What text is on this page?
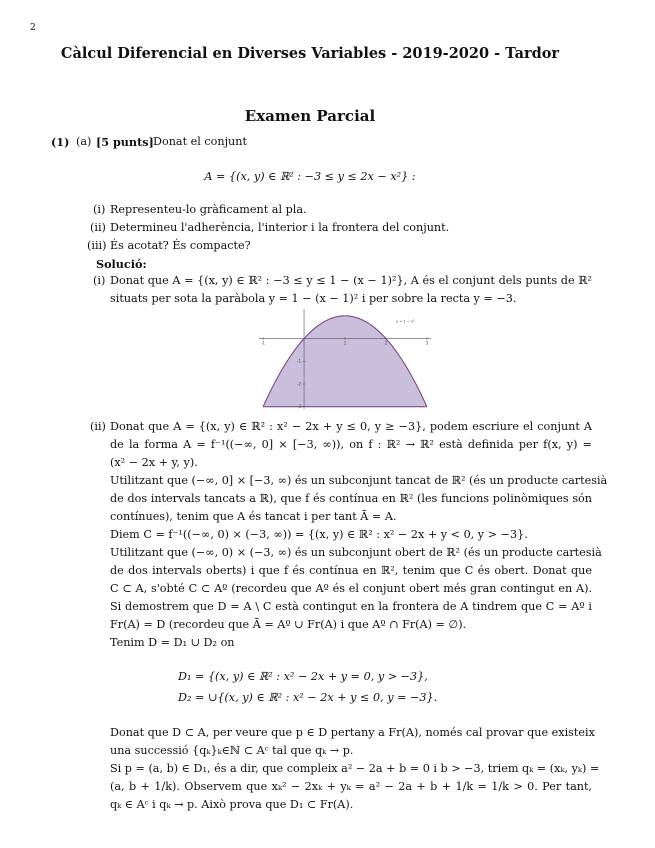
2
Càlcul Diferencial en Diverses Variables - 2019-2020 - Tardor
Examen Parcial
(1) (a) [5 punts] Donat el conjunt
A = {(x, y) ∈ ℝ² : −3 ≤ y ≤ 2x − x²} :
(i) Representeu-lo gràficament al pla.
(ii) Determineu l'adherència, l'interior i la frontera del conjunt.
(iii) És acotat? És compacte?
Solució:
(i) Donat que A = {(x, y) ∈ ℝ² : −3 ≤ y ≤ 1 − (x − 1)²}, A és el conjunt dels punts de ℝ²
situats per sota la paràbola y = 1 − (x − 1)² i per sobre la recta y = −3.
-1	1	2	3
-1
-2
-3
y = 1 − x²
(ii) Donat que A = {(x, y) ∈ ℝ² : x² − 2x + y ≤ 0, y ≥ −3}, podem escriure el conjunt A
de la forma A = f⁻¹((−∞, 0] × [−3, ∞)), on f : ℝ² → ℝ² està definida per f(x, y) =
(x² − 2x + y, y).
Utilitzant que (−∞, 0] × [−3, ∞) és un subconjunt tancat de ℝ² (és un producte cartesià
de dos intervals tancats a ℝ), que f és contínua en ℝ² (les funcions polinòmiques són
contínues), tenim que A és tancat i per tant Ā = A.
Diem C = f⁻¹((−∞, 0) × (−3, ∞)) = {(x, y) ∈ ℝ² : x² − 2x + y < 0, y > −3}.
Utilitzant que (−∞, 0) × (−3, ∞) és un subconjunt obert de ℝ² (és un producte cartesià
de dos intervals oberts) i que f és contínua en ℝ², tenim que C és obert. Donat que
C ⊂ A, s'obté C ⊂ Aº (recordeu que Aº és el conjunt obert més gran contingut en A).
Si demostrem que D = A \ C està contingut en la frontera de A tindrem que C = Aº i
Fr(A) = D (recordeu que Ā = Aº ∪ Fr(A) i que Aº ∩ Fr(A) = ∅).
Tenim D = D₁ ∪ D₂ on
D₁ = {(x, y) ∈ ℝ² : x² − 2x + y = 0, y > −3},
D₂ = ∪{(x, y) ∈ ℝ² : x² − 2x + y ≤ 0, y = −3}.
Donat que D ⊂ A, per veure que p ∈ D pertany a Fr(A), només cal provar que existeix
una successió {qₖ}ₖ∈ℕ ⊂ Aᶜ tal que qₖ → p.
Si p = (a, b) ∈ D₁, és a dir, que compleix a² − 2a + b = 0 i b > −3, triem qₖ = (xₖ, yₖ) =
(a, b + 1/k). Observem que xₖ² − 2xₖ + yₖ = a² − 2a + b + 1/k = 1/k > 0. Per tant,
qₖ ∈ Aᶜ i qₖ → p. Això prova que D₁ ⊂ Fr(A).
